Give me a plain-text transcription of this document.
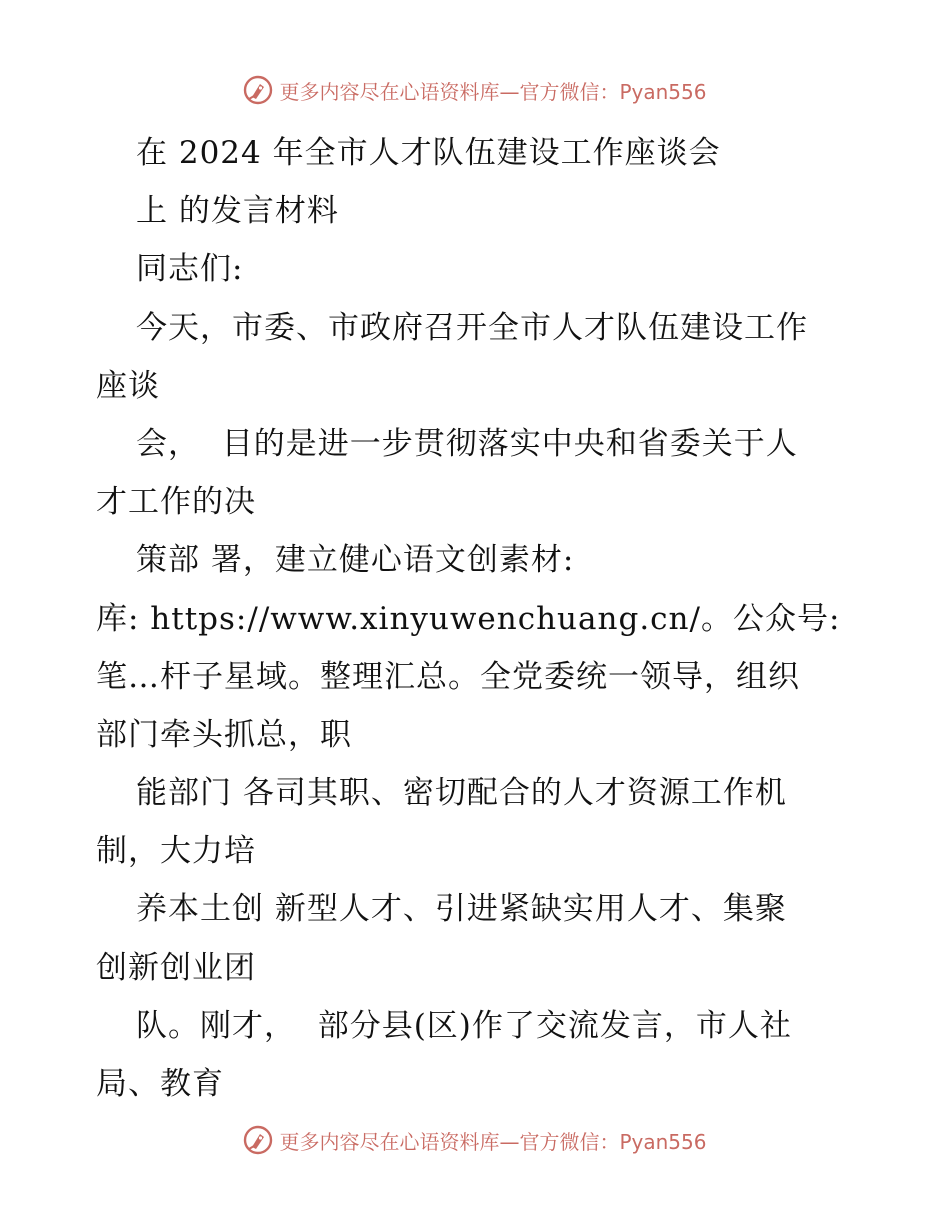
更多内容尽在心语资料库—官方微信：Pyan556
在 2024 年全市人才队伍建设工作座谈会
上 的发言材料
同志们:
今天，市委、市政府召开全市人才队伍建设工作
座谈
会，  目的是进一步贯彻落实中央和省委关于人
才工作的决
策部 署，建立健心语文创素材:
库: https://www.xinyuwenchuang.cn/。公众号:
笔…杆子星域。整理汇总。全党委统一领导，组织
部门牵头抓总，职
能部门 各司其职、密切配合的人才资源工作机
制，大力培
养本土创 新型人才、引进紧缺实用人才、集聚
创新创业团
队。刚才，  部分县(区)作了交流发言，市人社
局、教育
更多内容尽在心语资料库—官方微信：Pyan556
